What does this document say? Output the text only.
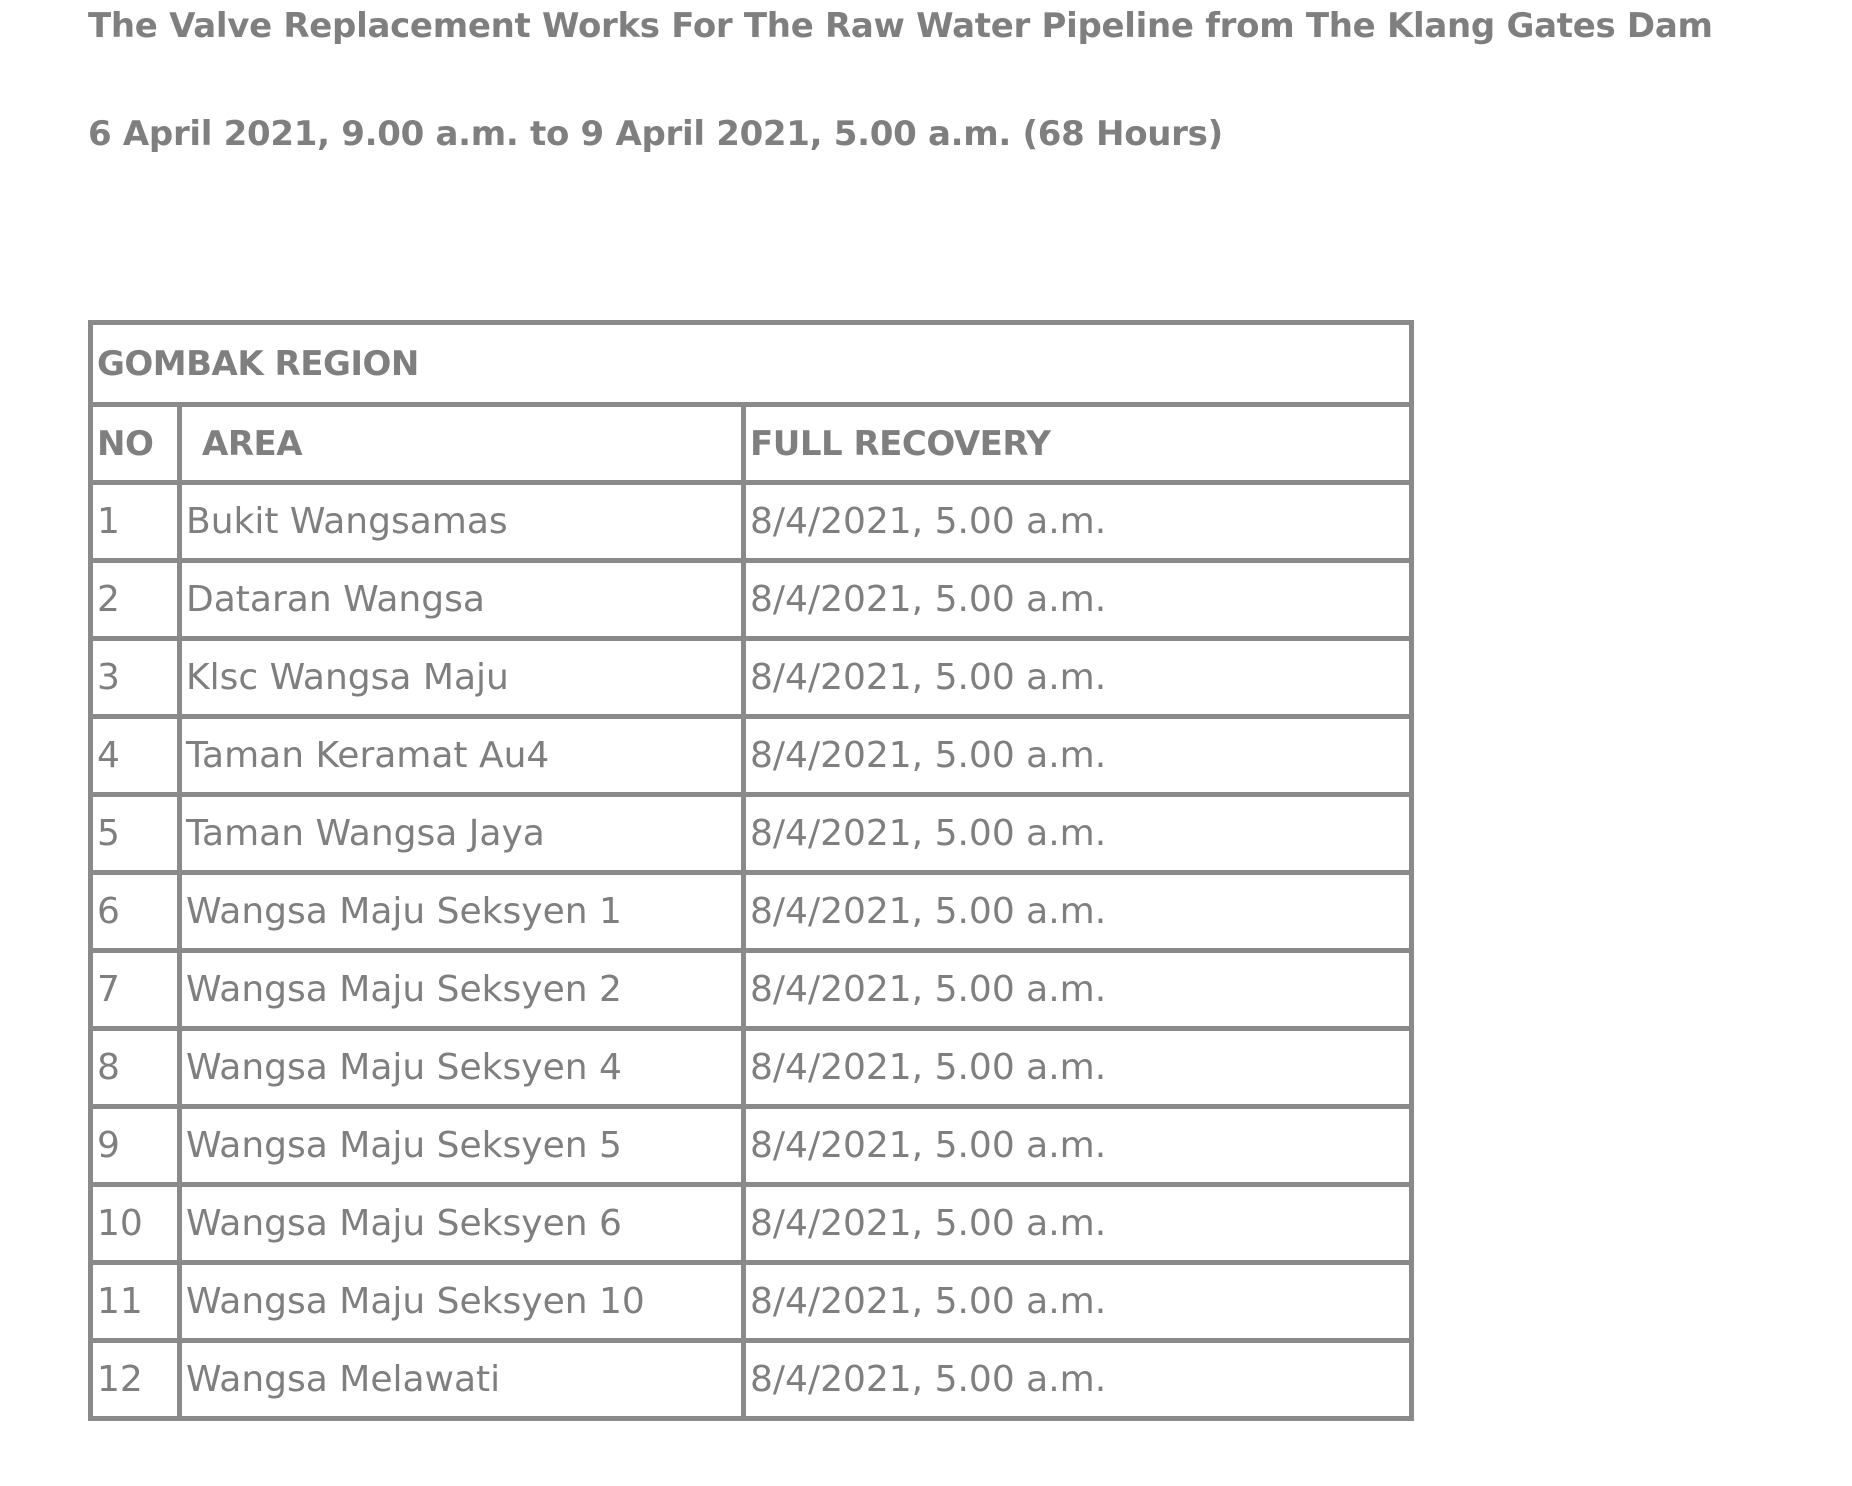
The Valve Replacement Works For The Raw Water Pipeline from The Klang Gates Dam
6 April 2021, 9.00 a.m. to 9 April 2021, 5.00 a.m. (68 Hours)
GOMBAK REGION		
NO	AREA	FULL RECOVERY
1	Bukit Wangsamas	8/4/2021, 5.00 a.m.
2	Dataran Wangsa	8/4/2021, 5.00 a.m.
3	Klsc Wangsa Maju	8/4/2021, 5.00 a.m.
4	Taman Keramat Au4	8/4/2021, 5.00 a.m.
5	Taman Wangsa Jaya	8/4/2021, 5.00 a.m.
6	Wangsa Maju Seksyen 1	8/4/2021, 5.00 a.m.
7	Wangsa Maju Seksyen 2	8/4/2021, 5.00 a.m.
8	Wangsa Maju Seksyen 4	8/4/2021, 5.00 a.m.
9	Wangsa Maju Seksyen 5	8/4/2021, 5.00 a.m.
10	Wangsa Maju Seksyen 6	8/4/2021, 5.00 a.m.
11	Wangsa Maju Seksyen 10	8/4/2021, 5.00 a.m.
12	Wangsa Melawati	8/4/2021, 5.00 a.m.
